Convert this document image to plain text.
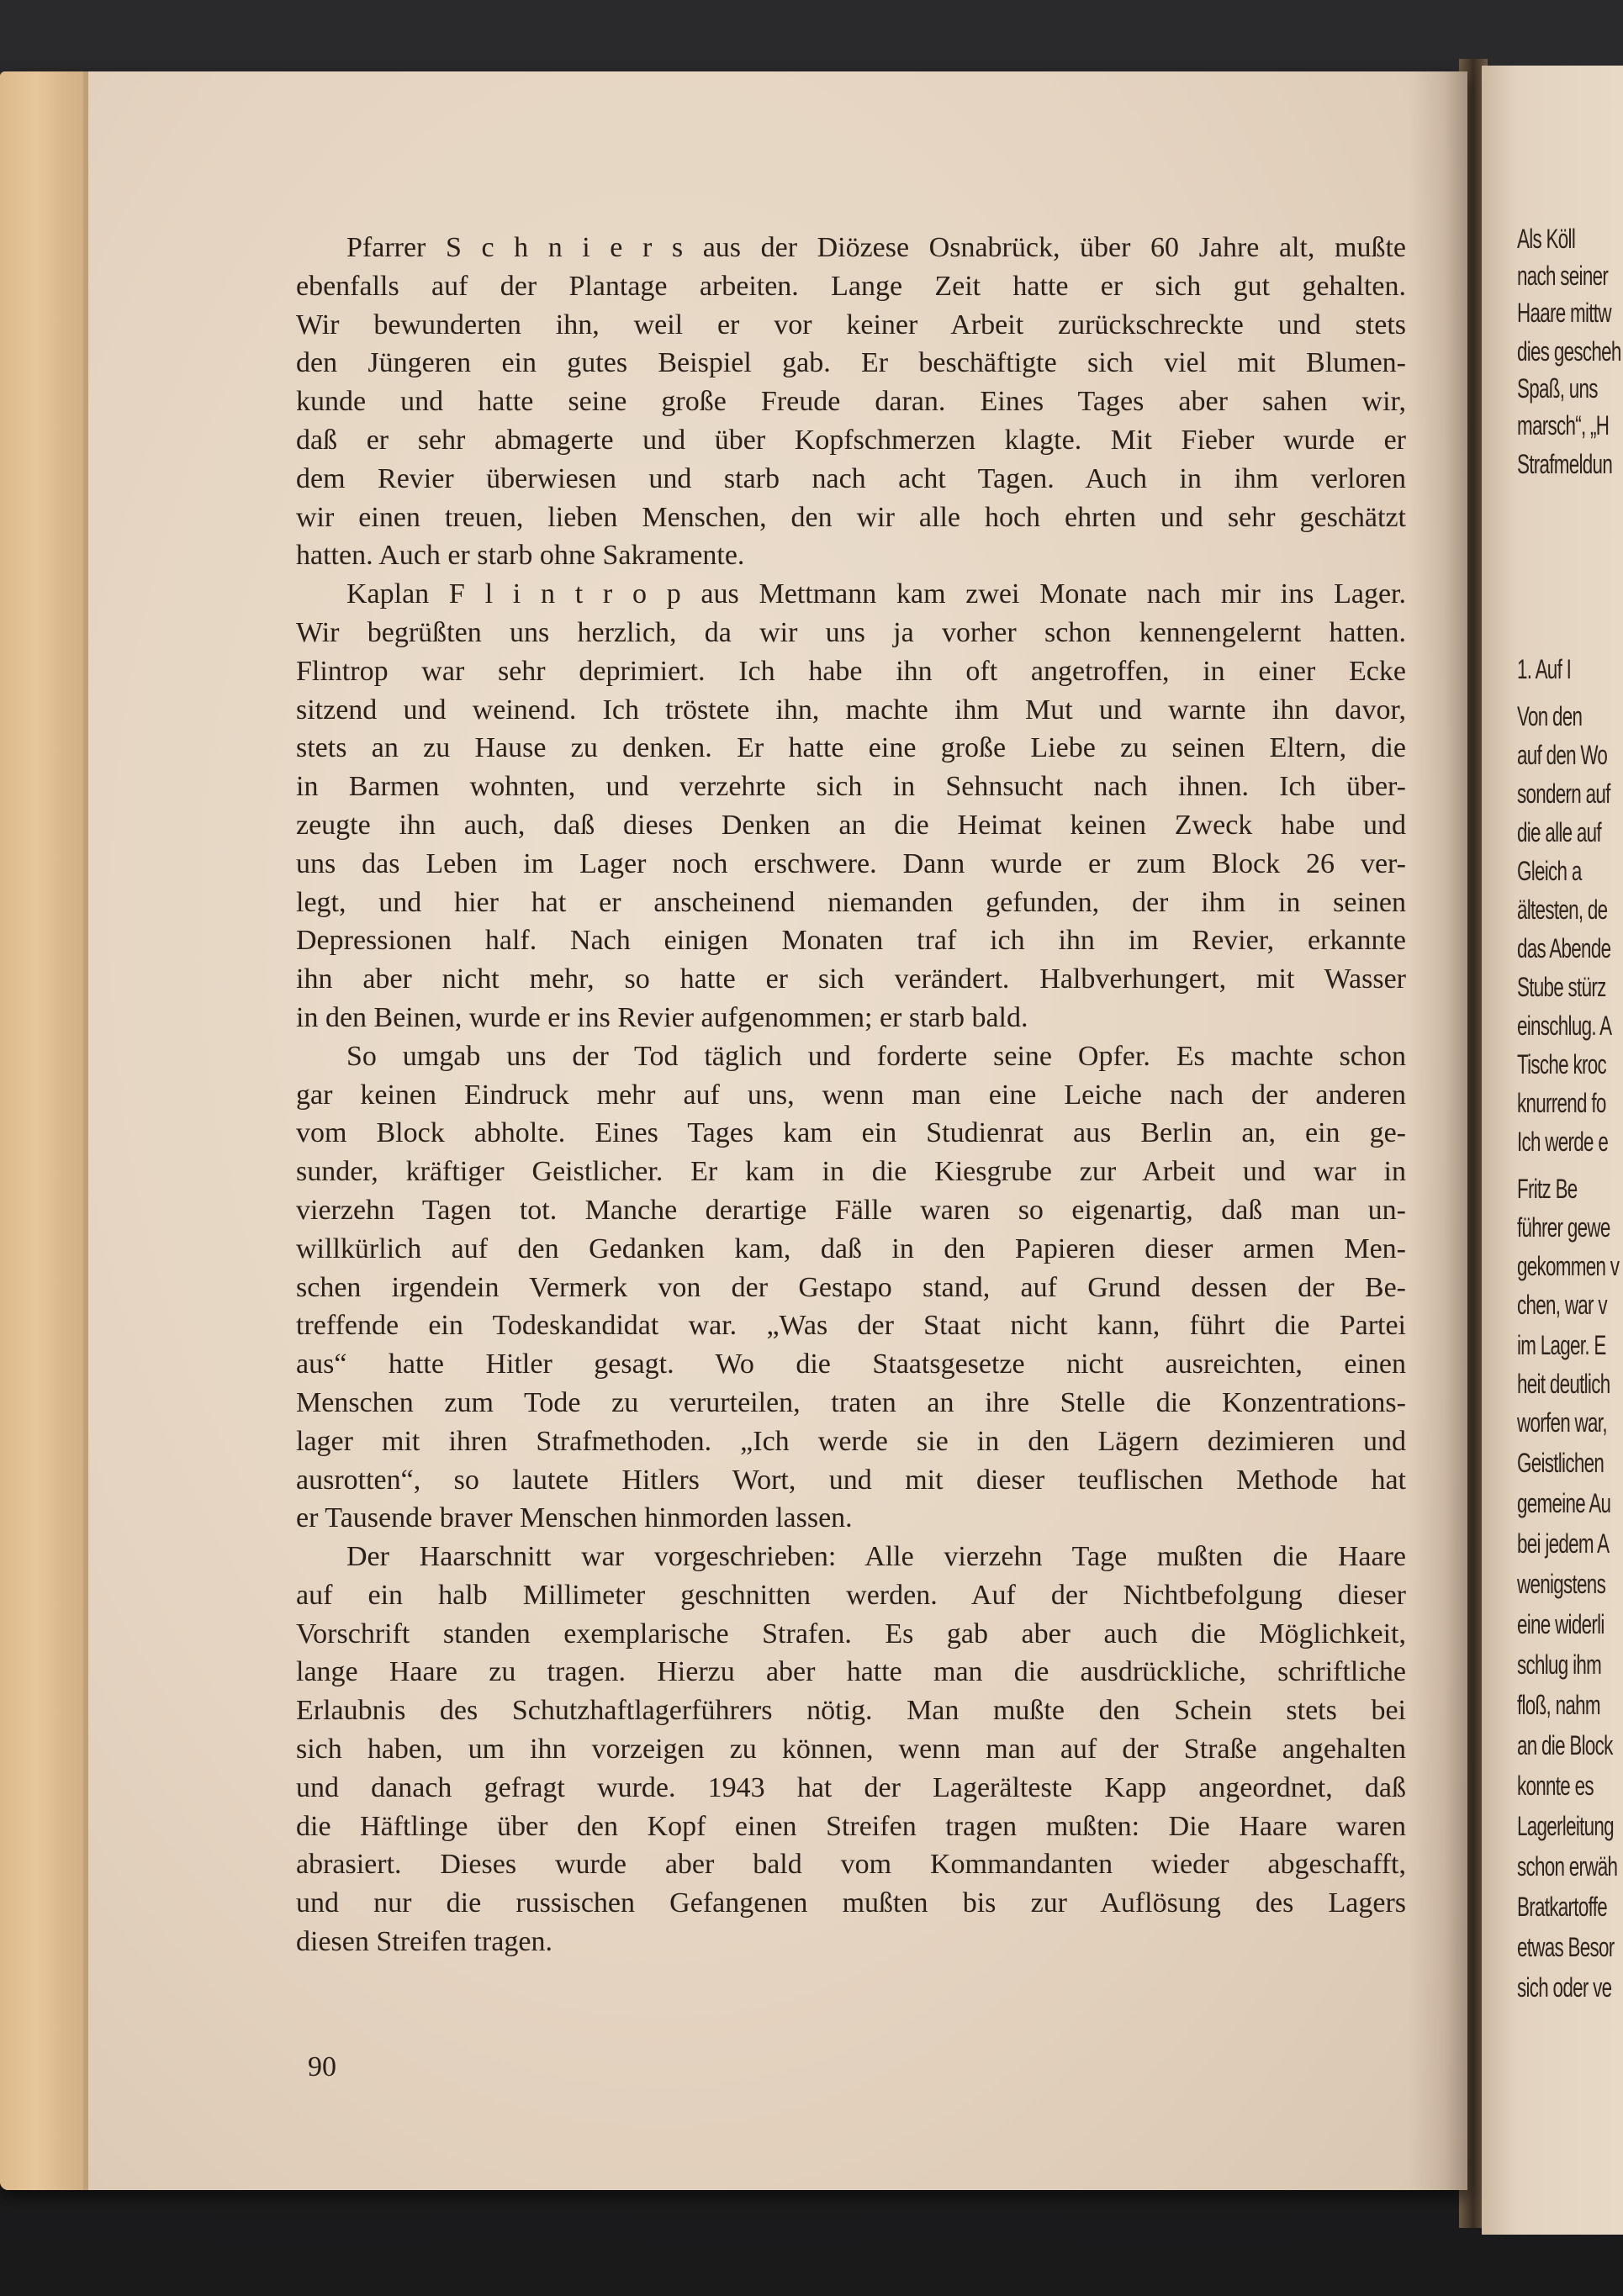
Als Köll
nach seiner
Haare mittw
dies gescheh
Spaß, uns
marsch“, „H
Strafmeldun
1. Auf I
Von den
auf den Wo
sondern auf
die alle auf
Gleich a
ältesten, de
das Abende
Stube stürz
einschlug. A
Tische kroc
knurrend fo
Ich werde e
Fritz Be
führer gewe
gekommen v
chen, war v
im Lager. E
heit deutlich
worfen war,
Geistlichen
gemeine Au
bei jedem A
wenigstens
eine widerli
schlug ihm
floß, nahm
an die Block
konnte es
Lagerleitung
schon erwäh
Bratkartoffe
etwas Besor
sich oder ve
Pfarrer S c h n i e r s aus der Diözese Osnabrück, über 60 Jahre alt, mußte
ebenfalls auf der Plantage arbeiten. Lange Zeit hatte er sich gut gehalten.
Wir bewunderten ihn, weil er vor keiner Arbeit zurückschreckte und stets
den Jüngeren ein gutes Beispiel gab. Er beschäftigte sich viel mit Blumen-
kunde und hatte seine große Freude daran. Eines Tages aber sahen wir,
daß er sehr abmagerte und über Kopfschmerzen klagte. Mit Fieber wurde er
dem Revier überwiesen und starb nach acht Tagen. Auch in ihm verloren
wir einen treuen, lieben Menschen, den wir alle hoch ehrten und sehr geschätzt
hatten. Auch er starb ohne Sakramente.
Kaplan F l i n t r o p aus Mettmann kam zwei Monate nach mir ins Lager.
Wir begrüßten uns herzlich, da wir uns ja vorher schon kennengelernt hatten.
Flintrop war sehr deprimiert. Ich habe ihn oft angetroffen, in einer Ecke
sitzend und weinend. Ich tröstete ihn, machte ihm Mut und warnte ihn davor,
stets an zu Hause zu denken. Er hatte eine große Liebe zu seinen Eltern, die
in Barmen wohnten, und verzehrte sich in Sehnsucht nach ihnen. Ich über-
zeugte ihn auch, daß dieses Denken an die Heimat keinen Zweck habe und
uns das Leben im Lager noch erschwere. Dann wurde er zum Block 26 ver-
legt, und hier hat er anscheinend niemanden gefunden, der ihm in seinen
Depressionen half. Nach einigen Monaten traf ich ihn im Revier, erkannte
ihn aber nicht mehr, so hatte er sich verändert. Halbverhungert, mit Wasser
in den Beinen, wurde er ins Revier aufgenommen; er starb bald.
So umgab uns der Tod täglich und forderte seine Opfer. Es machte schon
gar keinen Eindruck mehr auf uns, wenn man eine Leiche nach der anderen
vom Block abholte. Eines Tages kam ein Studienrat aus Berlin an, ein ge-
sunder, kräftiger Geistlicher. Er kam in die Kiesgrube zur Arbeit und war in
vierzehn Tagen tot. Manche derartige Fälle waren so eigenartig, daß man un-
willkürlich auf den Gedanken kam, daß in den Papieren dieser armen Men-
schen irgendein Vermerk von der Gestapo stand, auf Grund dessen der Be-
treffende ein Todeskandidat war. „Was der Staat nicht kann, führt die Partei
aus“ hatte Hitler gesagt. Wo die Staatsgesetze nicht ausreichten, einen
Menschen zum Tode zu verurteilen, traten an ihre Stelle die Konzentrations-
lager mit ihren Strafmethoden. „Ich werde sie in den Lägern dezimieren und
ausrotten“, so lautete Hitlers Wort, und mit dieser teuflischen Methode hat
er Tausende braver Menschen hinmorden lassen.
Der Haarschnitt war vorgeschrieben: Alle vierzehn Tage mußten die Haare
auf ein halb Millimeter geschnitten werden. Auf der Nichtbefolgung dieser
Vorschrift standen exemplarische Strafen. Es gab aber auch die Möglichkeit,
lange Haare zu tragen. Hierzu aber hatte man die ausdrückliche, schriftliche
Erlaubnis des Schutzhaftlagerführers nötig. Man mußte den Schein stets bei
sich haben, um ihn vorzeigen zu können, wenn man auf der Straße angehalten
und danach gefragt wurde. 1943 hat der Lagerälteste Kapp angeordnet, daß
die Häftlinge über den Kopf einen Streifen tragen mußten: Die Haare waren
abrasiert. Dieses wurde aber bald vom Kommandanten wieder abgeschafft,
und nur die russischen Gefangenen mußten bis zur Auflösung des Lagers
diesen Streifen tragen.
90
